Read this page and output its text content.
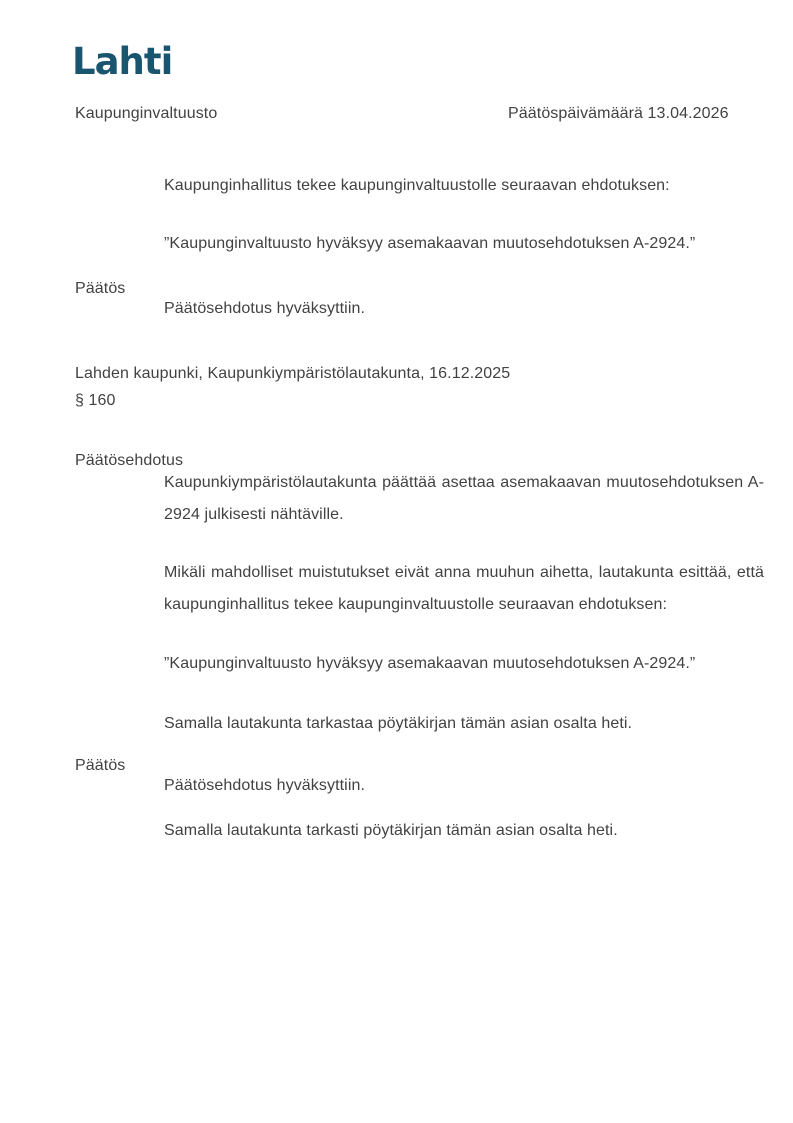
Lahti
Kaupunginvaltuusto	Päätöspäivämäärä 13.04.2026
Kaupunginhallitus tekee kaupunginvaltuustolle seuraavan ehdotuksen:
”Kaupunginvaltuusto hyväksyy asemakaavan muutosehdotuksen A-2924.”
Päätös
Päätösehdotus hyväksyttiin.
Lahden kaupunki, Kaupunkiympäristölautakunta, 16.12.2025
§ 160
Päätösehdotus
Kaupunkiympäristölautakunta päättää asettaa asemakaavan muutosehdotuksen A-2924 julkisesti nähtäville.
Mikäli mahdolliset muistutukset eivät anna muuhun aihetta, lautakunta esittää, että kaupunginhallitus tekee kaupunginvaltuustolle seuraavan ehdotuksen:
”Kaupunginvaltuusto hyväksyy asemakaavan muutosehdotuksen A-2924.”
Samalla lautakunta tarkastaa pöytäkirjan tämän asian osalta heti.
Päätös
Päätösehdotus hyväksyttiin.
Samalla lautakunta tarkasti pöytäkirjan tämän asian osalta heti.
